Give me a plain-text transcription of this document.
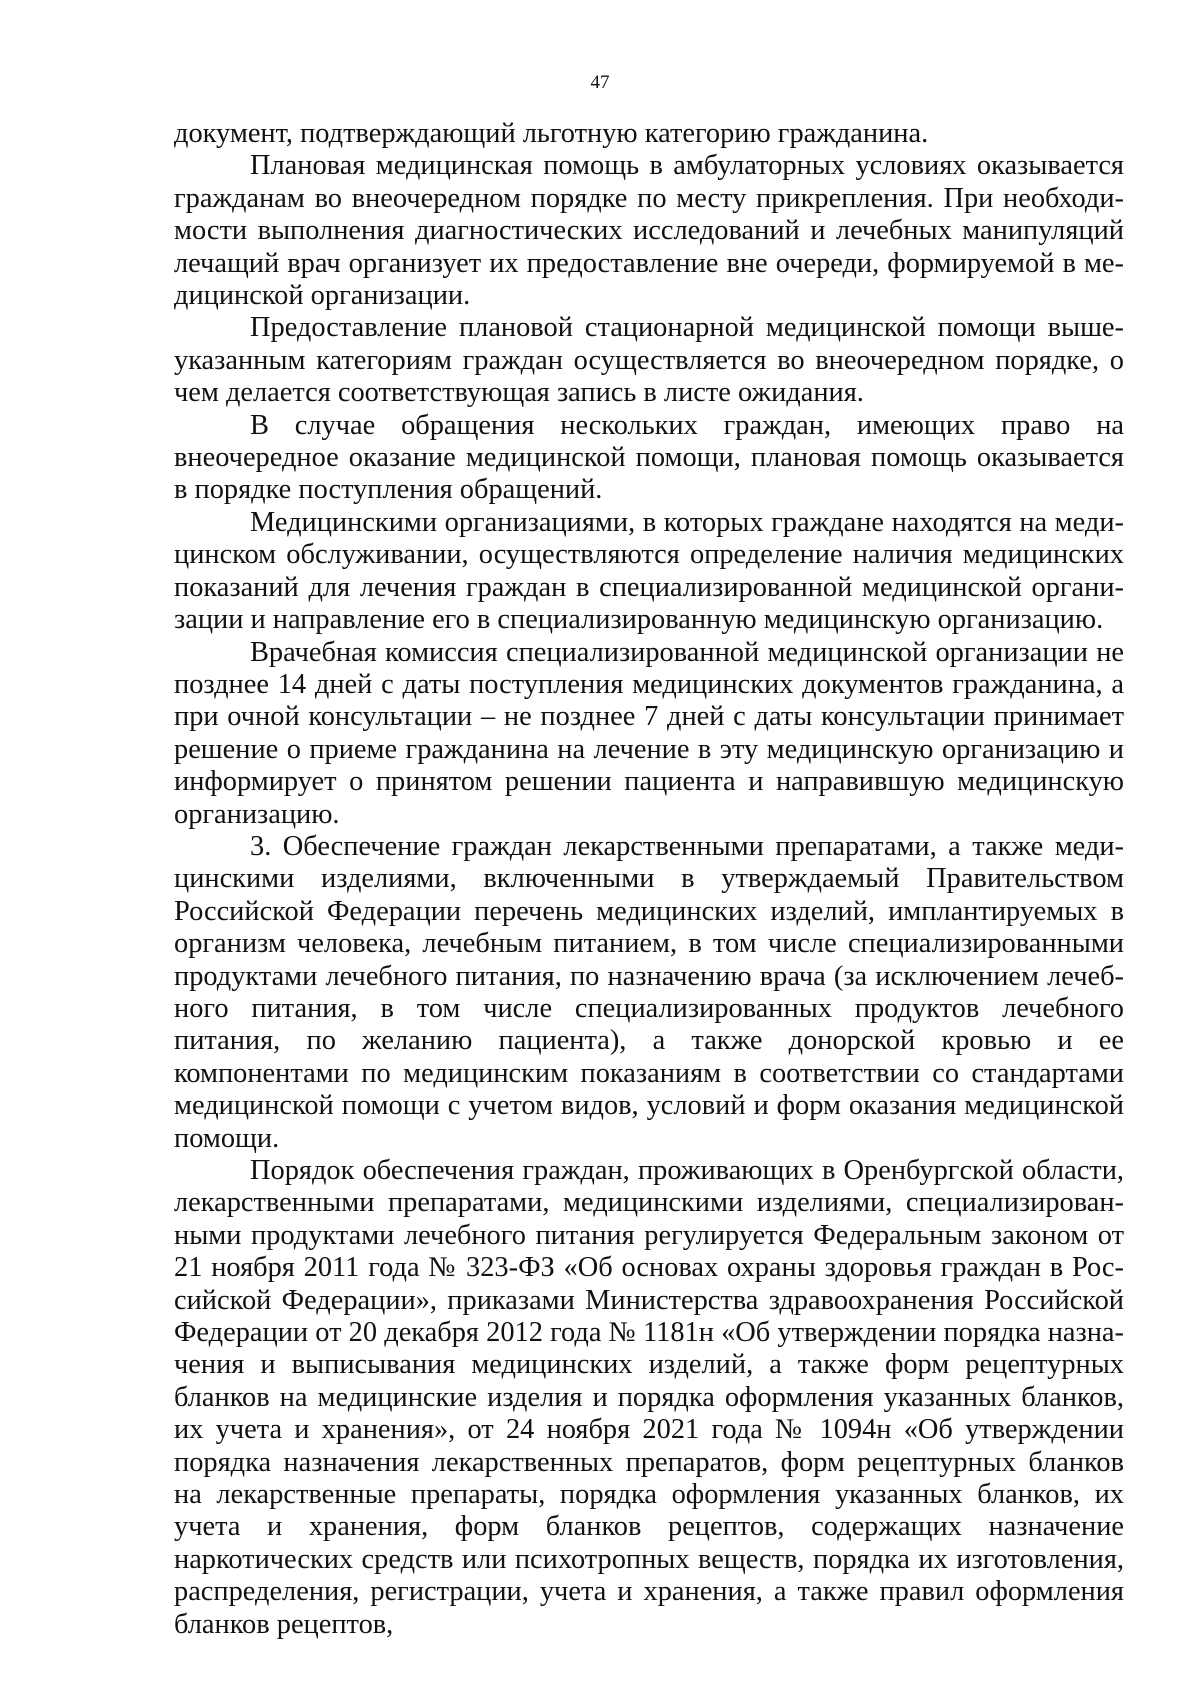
47

документ, подтверждающий льготную категорию гражданина.

Плановая медицинская помощь в амбулаторных условиях оказывается гражданам во внеочередном порядке по месту прикрепления. При необходимости выполнения диагностических исследований и лечебных манипуляций лечащий врач организует их предоставление вне очереди, формируемой в медицинской организации.

Предоставление плановой стационарной медицинской помощи вышеуказанным категориям граждан осуществляется во внеочередном порядке, о чем делается соответствующая запись в листе ожидания.

В случае обращения нескольких граждан, имеющих право на внеочередное оказание медицинской помощи, плановая помощь оказывается в порядке поступления обращений.

Медицинскими организациями, в которых граждане находятся на медицинском обслуживании, осуществляются определение наличия медицинских показаний для лечения граждан в специализированной медицинской организации и направление его в специализированную медицинскую организацию.

Врачебная комиссия специализированной медицинской организации не позднее 14 дней с даты поступления медицинских документов гражданина, а при очной консультации – не позднее 7 дней с даты консультации принимает решение о приеме гражданина на лечение в эту медицинскую организацию и информирует о принятом решении пациента и направившую медицинскую организацию.

3. Обеспечение граждан лекарственными препаратами, а также медицинскими изделиями, включенными в утверждаемый Правительством Российской Федерации перечень медицинских изделий, имплантируемых в организм человека, лечебным питанием, в том числе специализированными продуктами лечебного питания, по назначению врача (за исключением лечебного питания, в том числе специализированных продуктов лечебного питания, по желанию пациента), а также донорской кровью и ее компонентами по медицинским показаниям в соответствии со стандартами медицинской помощи с учетом видов, условий и форм оказания медицинской помощи.

Порядок обеспечения граждан, проживающих в Оренбургской области, лекарственными препаратами, медицинскими изделиями, специализированными продуктами лечебного питания регулируется Федеральным законом от 21 ноября 2011 года № 323-ФЗ «Об основах охраны здоровья граждан в Российской Федерации», приказами Министерства здравоохранения Российской Федерации от 20 декабря 2012 года № 1181н «Об утверждении порядка назначения и выписывания медицинских изделий, а также форм рецептурных бланков на медицинские изделия и порядка оформления указанных бланков, их учета и хранения», от 24 ноября 2021 года № 1094н «Об утверждении порядка назначения лекарственных препаратов, форм рецептурных бланков на лекарственные препараты, порядка оформления указанных бланков, их учета и хранения, форм бланков рецептов, содержащих назначение наркотических средств или психотропных веществ, порядка их изготовления, распределения, регистрации, учета и хранения, а также правил оформления бланков рецептов,
